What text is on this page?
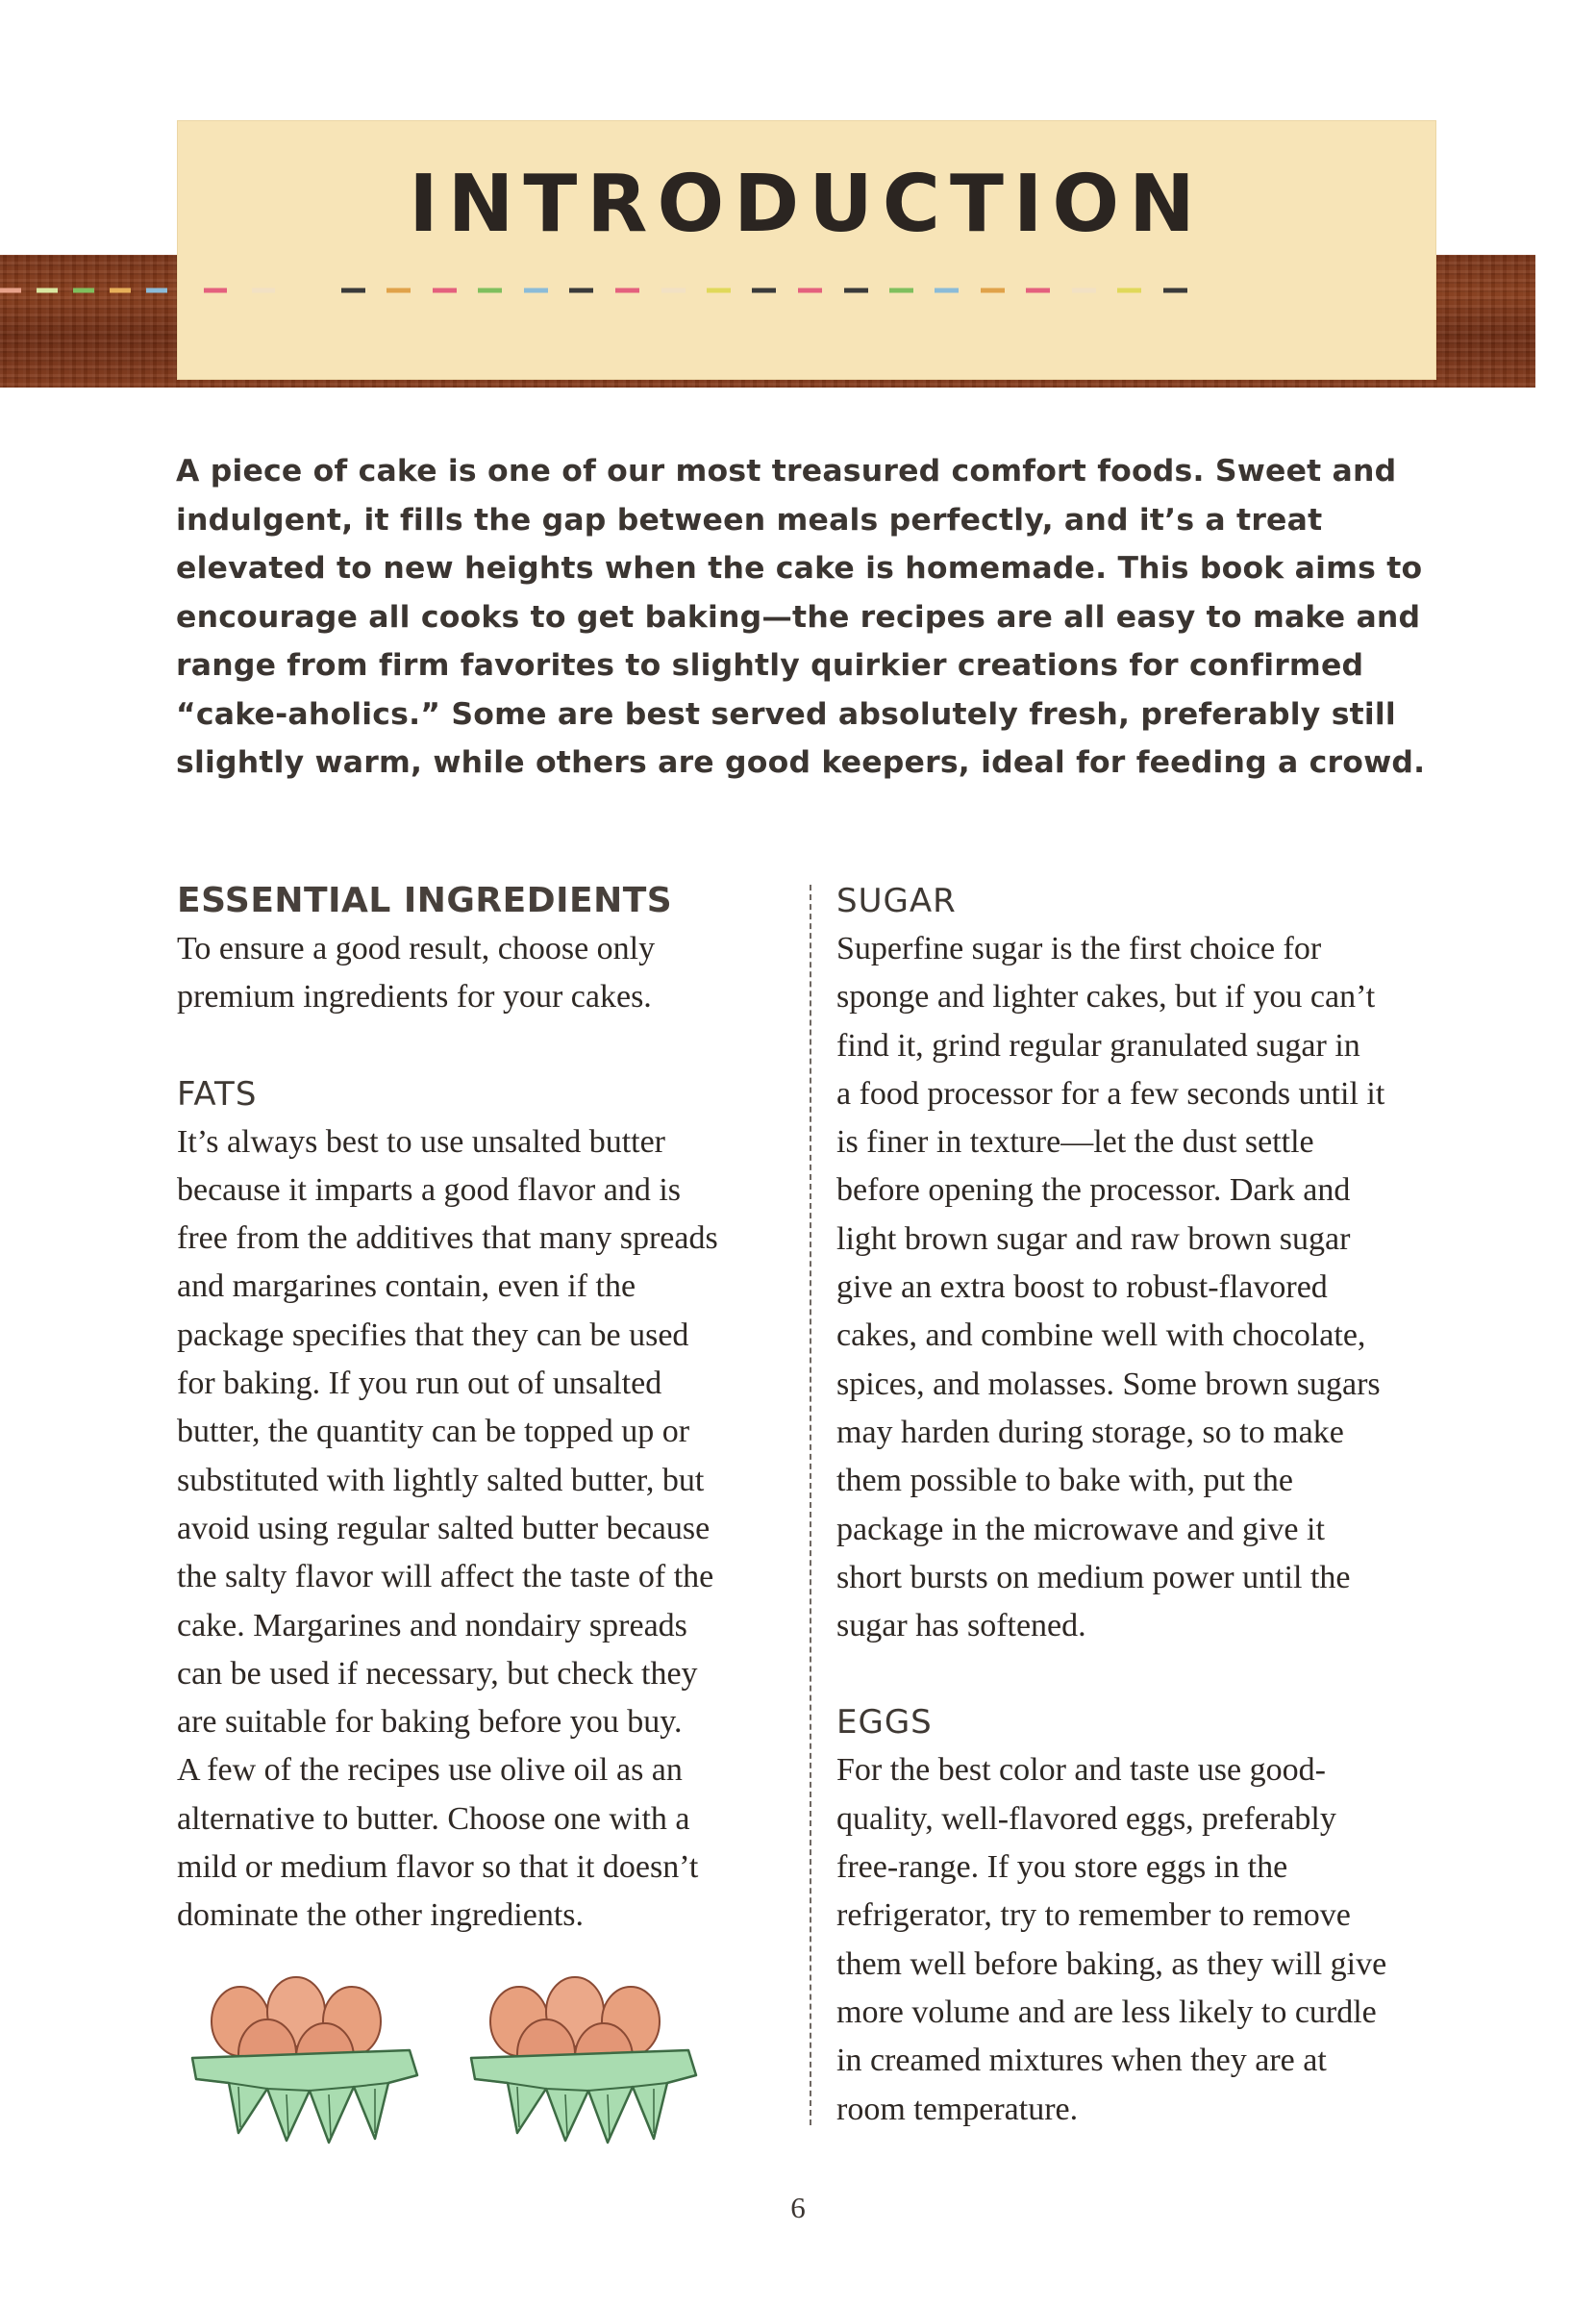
INTRODUCTION
A piece of cake is one of our most treasured comfort foods. Sweet and
indulgent, it fills the gap between meals perfectly, and it’s a treat
elevated to new heights when the cake is homemade. This book aims to
encourage all cooks to get baking—the recipes are all easy to make and
range from firm favorites to slightly quirkier creations for confirmed
“cake-aholics.” Some are best served absolutely fresh, preferably still
slightly warm, while others are good keepers, ideal for feeding a crowd.
ESSENTIAL INGREDIENTS

To ensure a good result, choose only
premium ingredients for your cakes.

FATS

It’s always best to use unsalted butter
because it imparts a good flavor and is
free from the additives that many spreads
and margarines contain, even if the
package specifies that they can be used
for baking. If you run out of unsalted
butter, the quantity can be topped up or
substituted with lightly salted butter, but
avoid using regular salted butter because
the salty flavor will affect the taste of the
cake. Margarines and nondairy spreads
can be used if necessary, but check they
are suitable for baking before you buy.
A few of the recipes use olive oil as an
alternative to butter. Choose one with a
mild or medium flavor so that it doesn’t
dominate the other ingredients.

SUGAR

Superfine sugar is the first choice for
sponge and lighter cakes, but if you can’t
find it, grind regular granulated sugar in
a food processor for a few seconds until it
is finer in texture—let the dust settle
before opening the processor. Dark and
light brown sugar and raw brown sugar
give an extra boost to robust-flavored
cakes, and combine well with chocolate,
spices, and molasses. Some brown sugars
may harden during storage, so to make
them possible to bake with, put the
package in the microwave and give it
short bursts on medium power until the
sugar has softened.

EGGS

For the best color and taste use good-
quality, well-flavored eggs, preferably
free-range. If you store eggs in the
refrigerator, try to remember to remove
them well before baking, as they will give
more volume and are less likely to curdle
in creamed mixtures when they are at
room temperature.

6
